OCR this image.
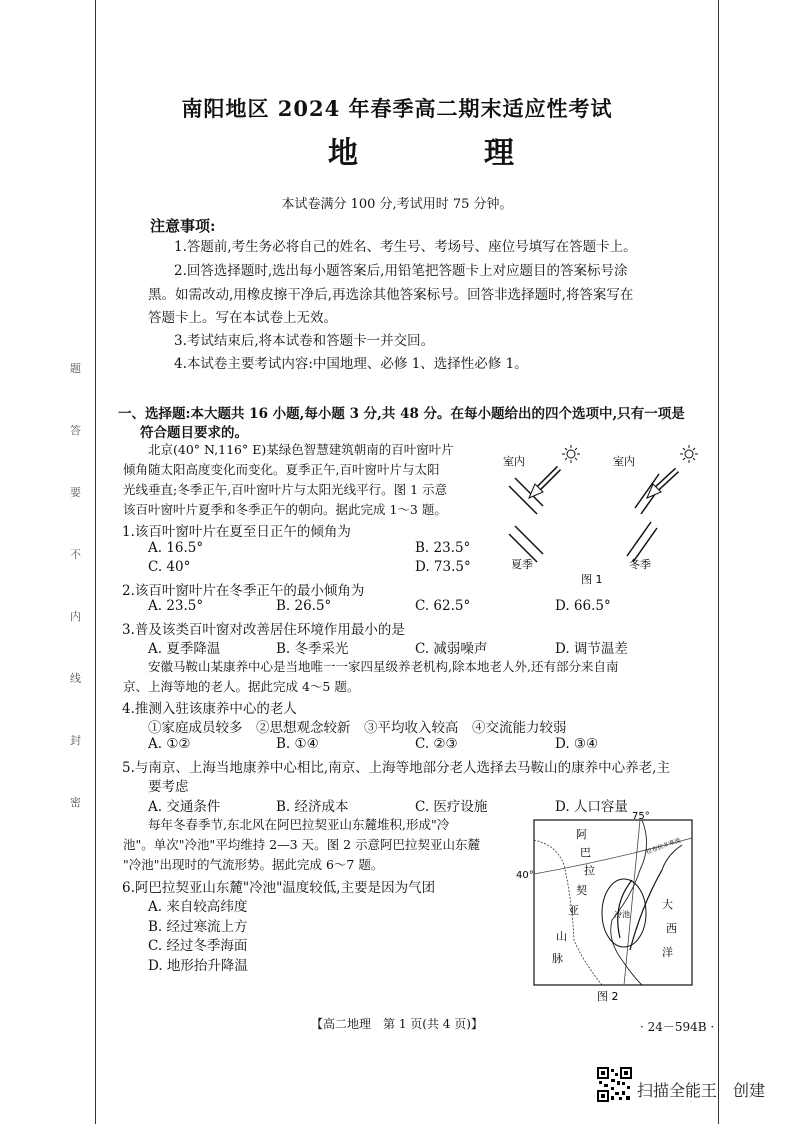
题
答
要
不
内
线
封
密
南阳地区 2024 年春季高二期末适应性考试
地　理
本试卷满分 100 分,考试用时 75 分钟。
注意事项:
1.答题前,考生务必将自己的姓名、考生号、考场号、座位号填写在答题卡上。
2.回答选择题时,选出每小题答案后,用铅笔把答题卡上对应题目的答案标号涂
黑。如需改动,用橡皮擦干净后,再选涂其他答案标号。回答非选择题时,将答案写在
答题卡上。写在本试卷上无效。
3.考试结束后,将本试卷和答题卡一并交回。
4.本试卷主要考试内容:中国地理、必修 1、选择性必修 1。
一、选择题:本大题共 16 小题,每小题 3 分,共 48 分。在每小题给出的四个选项中,只有一项是
符合题目要求的。
北京(40° N,116° E)某绿色智慧建筑朝南的百叶窗叶片
倾角随太阳高度变化而变化。夏季正午,百叶窗叶片与太阳
光线垂直;冬季正午,百叶窗叶片与太阳光线平行。图 1 示意
该百叶窗叶片夏季和冬季正午的朝向。据此完成 1～3 题。
室内	室内
夏季	冬季
图 1
1.该百叶窗叶片在夏至日正午的倾角为
A. 16.5°	B. 23.5°
C. 40°	D. 73.5°
2.该百叶窗叶片在冬季正午的最小倾角为
A. 23.5°	B. 26.5°	C. 62.5°	D. 66.5°
3.普及该类百叶窗对改善居住环境作用最小的是
A. 夏季降温	B. 冬季采光	C. 减弱噪声	D. 调节温差
安徽马鞍山某康养中心是当地唯一一家四星级养老机构,除本地老人外,还有部分来自南
京、上海等地的老人。据此完成 4～5 题。
4.推测入驻该康养中心的老人
①家庭成员较多　②思想观念较新　③平均收入较高　④交流能力较弱
A. ①②	B. ①④	C. ②③	D. ③④
5.与南京、上海当地康养中心相比,南京、上海等地部分老人选择去马鞍山的康养中心养老,主
要考虑
A. 交通条件	B. 经济成本	C. 医疗设施	D. 人口容量
每年冬春季节,东北风在阿巴拉契亚山东麓堆积,形成"冷
池"。单次"冷池"平均维持 2—3 天。图 2 示意阿巴拉契亚山东麓
"冷池"出现时的气流形势。据此完成 6～7 题。
6.阿巴拉契亚山东麓"冷池"温度较低,主要是因为气团
A. 来自较高纬度
B. 经过寒流上方
C. 经过冬季海面
D. 地形抬升降温
75°
40°
阿
巴
拉
契
亚
山
脉
大
西
洋
冷池
拉布拉多寒流
图 2
【高二地理　第 1 页(共 4 页)】	· 24－594B ·
扫描全能王　创建
